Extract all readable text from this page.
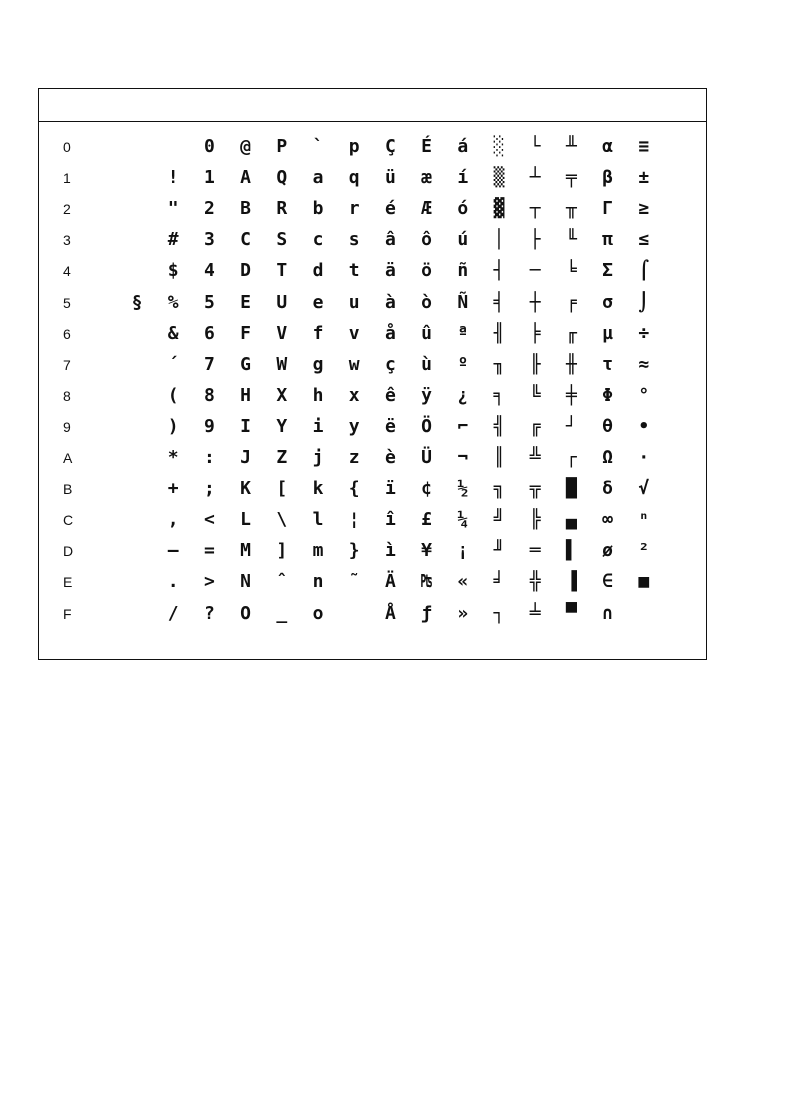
0
1
2
3
4
5
6
7
8
9
A
B
C
D
E
F
§
!
"
#
$
%
&
´
(
)
*
+
,
–
.
/
0
1
2
3
4
5
6
7
8
9
:
;
<
=
>
?
@
A
B
C
D
E
F
G
H
I
J
K
L
M
N
O
P
Q
R
S
T
U
V
W
X
Y
Z
[
\
]
ˆ
_
`
a
b
c
d
e
f
g
h
i
j
k
l
m
n
o
p
q
r
s
t
u
v
w
x
y
z
{
¦
}
˜
Ç
ü
é
â
ä
à
å
ç
ê
ë
è
ï
î
ì
Ä
Å
É
æ
Æ
ô
ö
ò
û
ù
ÿ
Ö
Ü
¢
£
¥
₧
ƒ
á
í
ó
ú
ñ
Ñ
ª
º
¿
⌐
¬
½
¼
¡
«
»
░
▒
▓
│
┤
╡
╢
╖
╕
╣
║
╗
╝
╜
╛
┐
└
┴
┬
├
─
┼
╞
╟
╚
╔
╩
╦
╠
═
╬
╧
╨
╤
╥
╙
╘
╒
╓
╫
╪
┘
┌
█
▄
▌
▐
▀
α
β
Γ
π
Σ
σ
µ
τ
Φ
θ
Ω
δ
∞
ø
∈
∩
≡
±
≥
≤
⌠
⌡
÷
≈
°
•
·
√
ⁿ
²
■
